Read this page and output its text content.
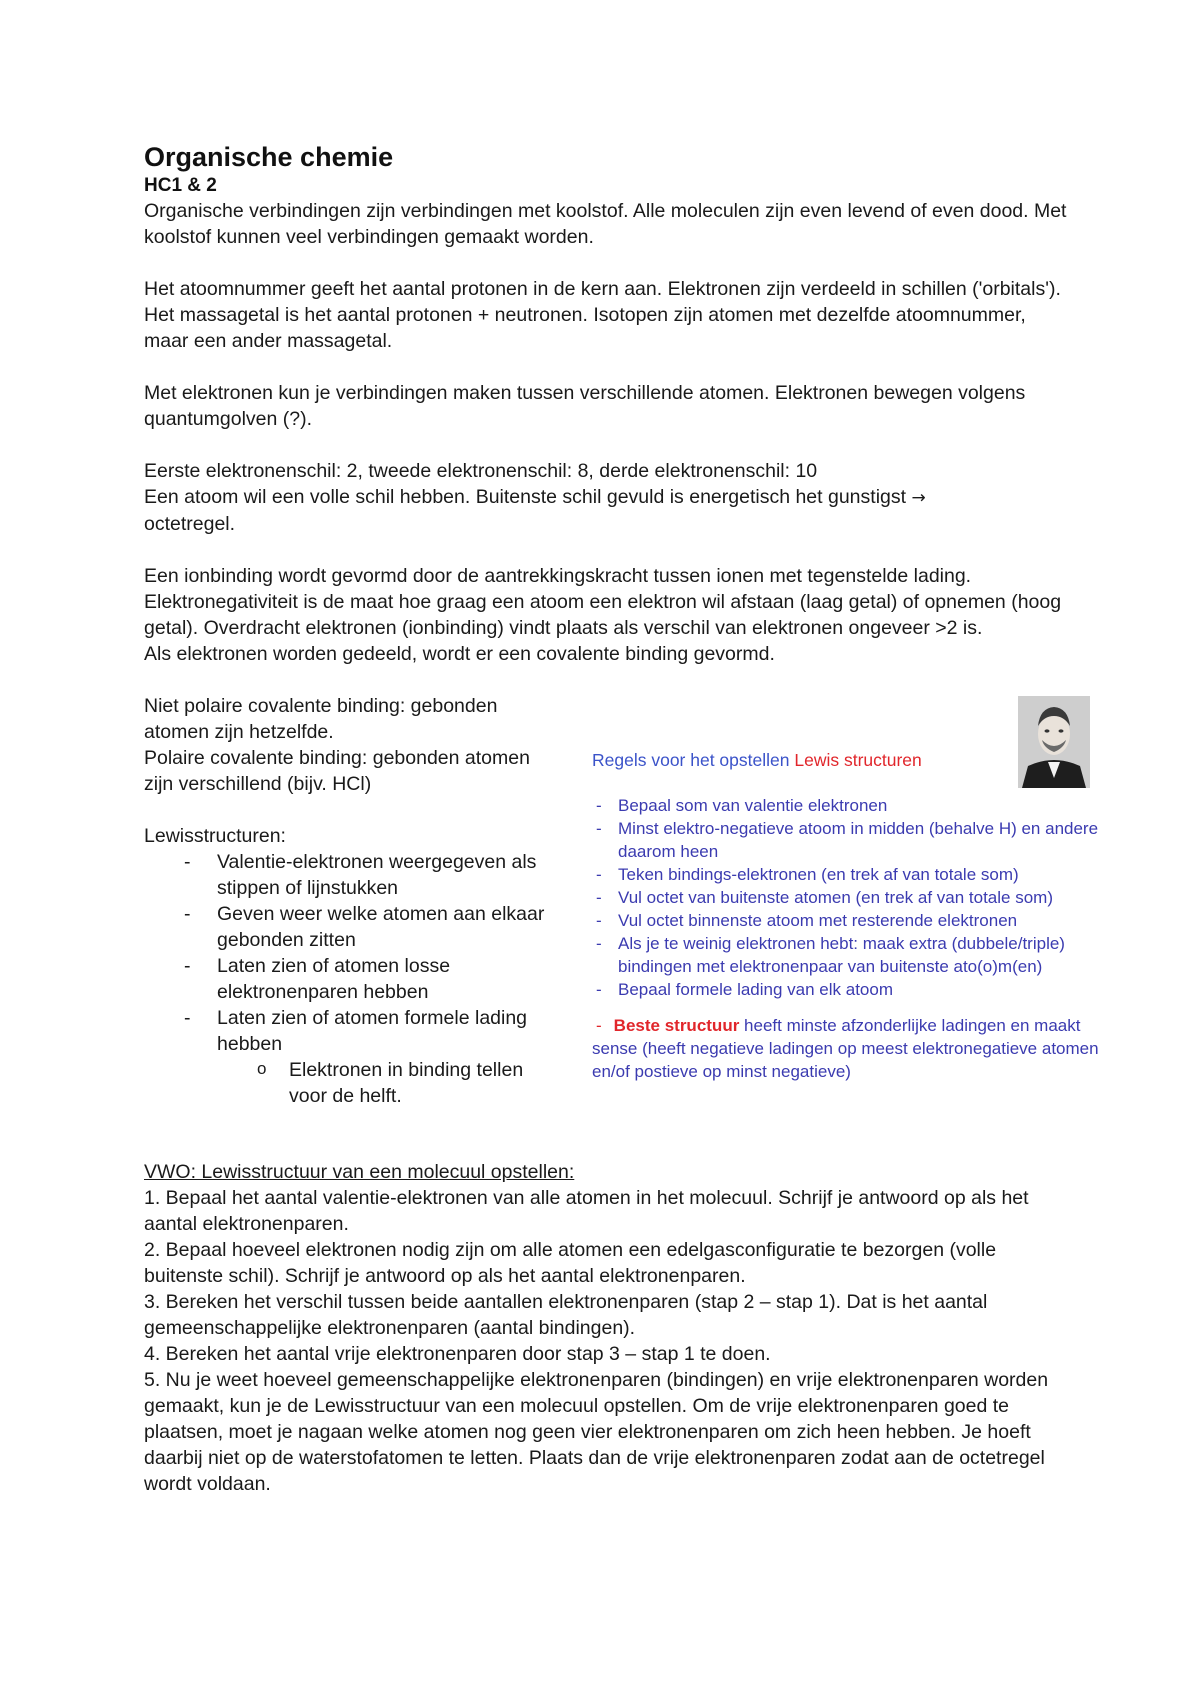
Organische chemie
HC1 & 2

Organische verbindingen zijn verbindingen met koolstof. Alle moleculen zijn even levend of even dood. Met koolstof kunnen veel verbindingen gemaakt worden.

Het atoomnummer geeft het aantal protonen in de kern aan. Elektronen zijn verdeeld in schillen ('orbitals'). Het massagetal is het aantal protonen + neutronen. Isotopen zijn atomen met dezelfde atoomnummer, maar een ander massagetal.

Met elektronen kun je verbindingen maken tussen verschillende atomen. Elektronen bewegen volgens quantumgolven (?).

Eerste elektronenschil: 2, tweede elektronenschil: 8, derde elektronenschil: 10

Een atoom wil een volle schil hebben. Buitenste schil gevuld is energetisch het gunstigst →

octetregel.

Een ionbinding wordt gevormd door de aantrekkingskracht tussen ionen met tegenstelde lading. Elektronegativiteit is de maat hoe graag een atoom een elektron wil afstaan (laag getal) of opnemen (hoog getal). Overdracht elektronen (ionbinding) vindt plaats als verschil van elektronen ongeveer >2 is.

Als elektronen worden gedeeld, wordt er een covalente binding gevormd.

Niet polaire covalente binding: gebonden atomen zijn hetzelfde.

Polaire covalente binding: gebonden atomen zijn verschillend (bijv. HCl)

Lewisstructuren:

- Valentie-elektronen weergegeven als stippen of lijnstukken
- Geven weer welke atomen aan elkaar gebonden zitten
- Laten zien of atomen losse elektronenparen hebben
- Laten zien of atomen formele lading hebben
o Elektronen in binding tellen voor de helft.
Regels voor het opstellen Lewis structuren
- Bepaal som van valentie elektronen
- Minst elektro-negatieve atoom in midden (behalve H) en andere daarom heen
- Teken bindings-elektronen (en trek af van totale som)
- Vul octet van buitenste atomen (en trek af van totale som)
- Vul octet binnenste atoom met resterende elektronen
- Als je te weinig elektronen hebt: maak extra (dubbele/triple) bindingen met elektronenpaar van buitenste ato(o)m(en)
- Bepaal formele lading van elk atoom
- Beste structuur heeft minste afzonderlijke ladingen en maakt sense (heeft negatieve ladingen op meest elektronegatieve atomen en/of postieve op minst negatieve)

VWO: Lewisstructuur van een molecuul opstellen:

1. Bepaal het aantal valentie-elektronen van alle atomen in het molecuul. Schrijf je antwoord op als het aantal elektronenparen.

2. Bepaal hoeveel elektronen nodig zijn om alle atomen een edelgasconfiguratie te bezorgen (volle buitenste schil). Schrijf je antwoord op als het aantal elektronenparen.

3. Bereken het verschil tussen beide aantallen elektronenparen (stap 2 – stap 1). Dat is het aantal gemeenschappelijke elektronenparen (aantal bindingen).

4. Bereken het aantal vrije elektronenparen door stap 3 – stap 1 te doen.

5. Nu je weet hoeveel gemeenschappelijke elektronenparen (bindingen) en vrije elektronenparen worden gemaakt, kun je de Lewisstructuur van een molecuul opstellen. Om de vrije elektronenparen goed te plaatsen, moet je nagaan welke atomen nog geen vier elektronenparen om zich heen hebben. Je hoeft daarbij niet op de waterstofatomen te letten. Plaats dan de vrije elektronenparen zodat aan de octetregel wordt voldaan.
